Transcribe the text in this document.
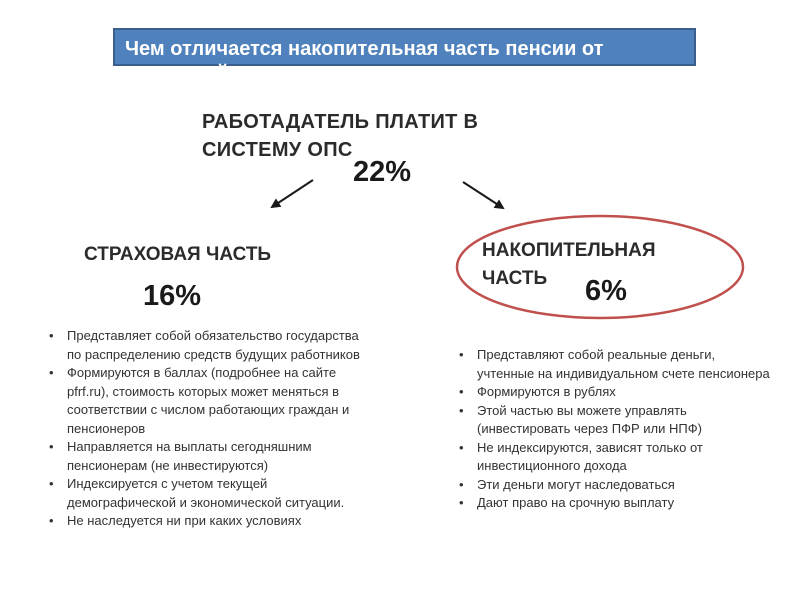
Чем отличается накопительная часть пенсии от
страховой
РАБОТАДАТЕЛЬ ПЛАТИТ В СИСТЕМУ ОПС
22%
СТРАХОВАЯ ЧАСТЬ
16%
НАКОПИТЕЛЬНАЯ ЧАСТЬ	6%
• Представляет собой обязательство государства по распределению средств будущих работников
• Формируются в баллах (подробнее на сайте pfrf.ru), стоимость которых может меняться в соответствии с числом работающих граждан и пенсионеров
• Направляется на выплаты сегодняшним пенсионерам (не инвестируются)
• Индексируется с учетом текущей демографической и экономической ситуации.
• Не наследуется ни при каких условиях
• Представляют собой реальные деньги, учтенные на индивидуальном счете пенсионера
• Формируются в рублях
• Этой частью вы можете управлять (инвестировать через ПФР или НПФ)
• Не индексируются, зависят только от инвестиционного дохода
• Эти деньги могут наследоваться
• Дают право на срочную выплату
